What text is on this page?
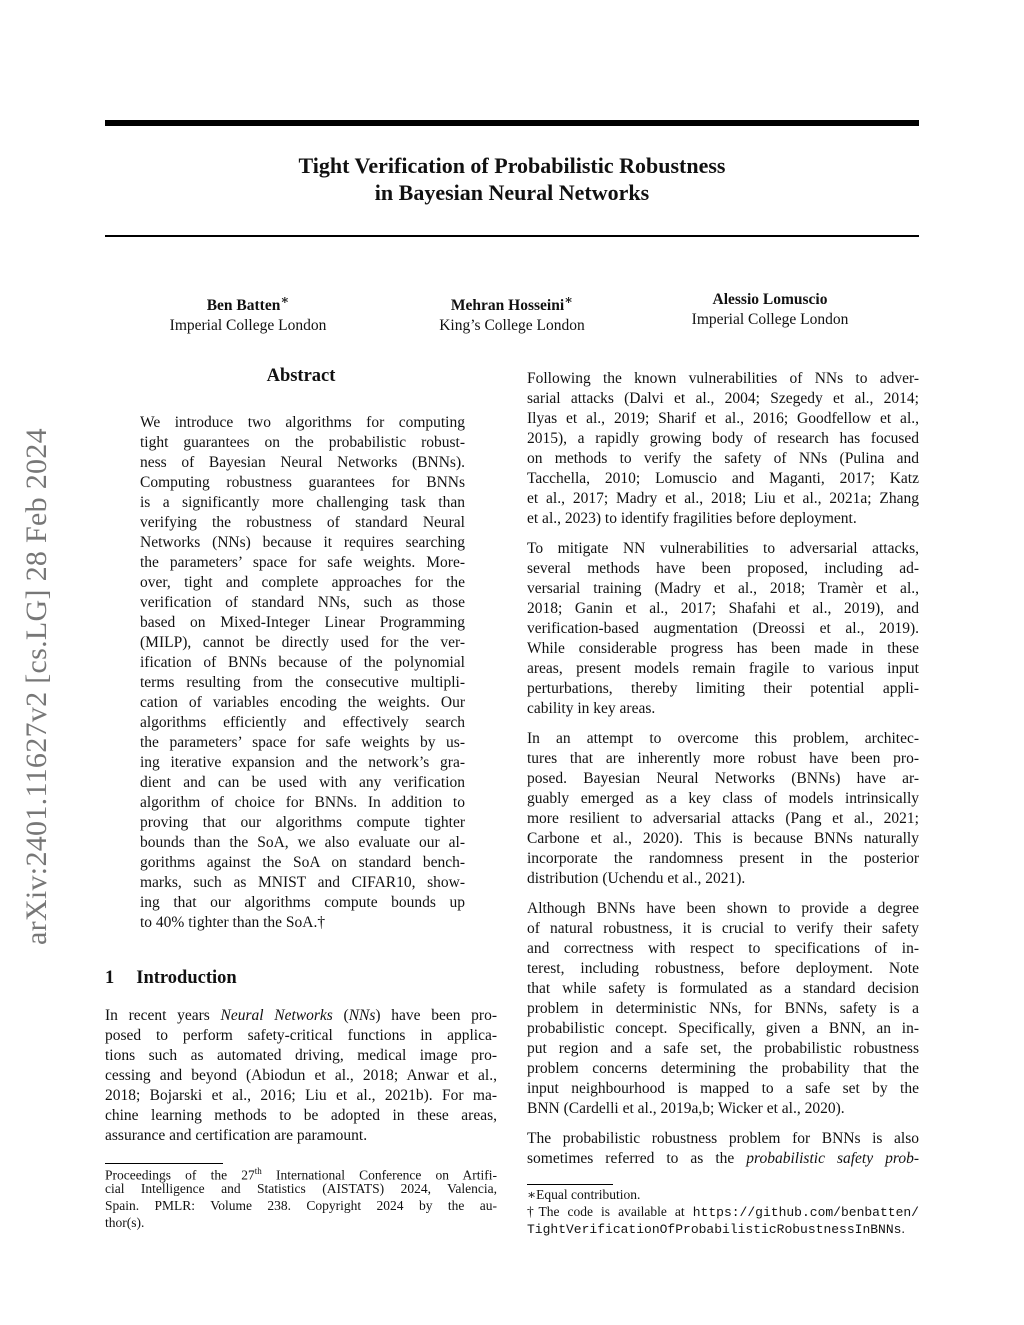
arXiv:2401.11627v2 [cs.LG] 28 Feb 2024
Tight Verification of Probabilistic Robustness
in Bayesian Neural Networks
Ben Batten∗
Imperial College London
Mehran Hosseini∗
King’s College London
Alessio Lomuscio
Imperial College London
Abstract
We introduce two algorithms for computing
tight guarantees on the probabilistic robust-
ness of Bayesian Neural Networks (BNNs).
Computing robustness guarantees for BNNs
is a significantly more challenging task than
verifying the robustness of standard Neural
Networks (NNs) because it requires searching
the parameters’ space for safe weights. More-
over, tight and complete approaches for the
verification of standard NNs, such as those
based on Mixed-Integer Linear Programming
(MILP), cannot be directly used for the ver-
ification of BNNs because of the polynomial
terms resulting from the consecutive multipli-
cation of variables encoding the weights. Our
algorithms efficiently and effectively search
the parameters’ space for safe weights by us-
ing iterative expansion and the network’s gra-
dient and can be used with any verification
algorithm of choice for BNNs. In addition to
proving that our algorithms compute tighter
bounds than the SoA, we also evaluate our al-
gorithms against the SoA on standard bench-
marks, such as MNIST and CIFAR10, show-
ing that our algorithms compute bounds up
to 40% tighter than the SoA.†
1 Introduction
In recent years Neural Networks (NNs) have been pro-
posed to perform safety-critical functions in applica-
tions such as automated driving, medical image pro-
cessing and beyond (Abiodun et al., 2018; Anwar et al.,
2018; Bojarski et al., 2016; Liu et al., 2021b). For ma-
chine learning methods to be adopted in these areas,
assurance and certification are paramount.
Proceedings of the 27th International Conference on Artifi-
cial Intelligence and Statistics (AISTATS) 2024, Valencia,
Spain. PMLR: Volume 238. Copyright 2024 by the au-
thor(s).
Following the known vulnerabilities of NNs to adver-
sarial attacks (Dalvi et al., 2004; Szegedy et al., 2014;
Ilyas et al., 2019; Sharif et al., 2016; Goodfellow et al.,
2015), a rapidly growing body of research has focused
on methods to verify the safety of NNs (Pulina and
Tacchella, 2010; Lomuscio and Maganti, 2017; Katz
et al., 2017; Madry et al., 2018; Liu et al., 2021a; Zhang
et al., 2023) to identify fragilities before deployment.
To mitigate NN vulnerabilities to adversarial attacks,
several methods have been proposed, including ad-
versarial training (Madry et al., 2018; Tramèr et al.,
2018; Ganin et al., 2017; Shafahi et al., 2019), and
verification-based augmentation (Dreossi et al., 2019).
While considerable progress has been made in these
areas, present models remain fragile to various input
perturbations, thereby limiting their potential appli-
cability in key areas.
In an attempt to overcome this problem, architec-
tures that are inherently more robust have been pro-
posed. Bayesian Neural Networks (BNNs) have ar-
guably emerged as a key class of models intrinsically
more resilient to adversarial attacks (Pang et al., 2021;
Carbone et al., 2020). This is because BNNs naturally
incorporate the randomness present in the posterior
distribution (Uchendu et al., 2021).
Although BNNs have been shown to provide a degree
of natural robustness, it is crucial to verify their safety
and correctness with respect to specifications of in-
terest, including robustness, before deployment. Note
that while safety is formulated as a standard decision
problem in deterministic NNs, for BNNs, safety is a
probabilistic concept. Specifically, given a BNN, an in-
put region and a safe set, the probabilistic robustness
problem concerns determining the probability that the
input neighbourhood is mapped to a safe set by the
BNN (Cardelli et al., 2019a,b; Wicker et al., 2020).
The probabilistic robustness problem for BNNs is also
sometimes referred to as the probabilistic safety prob-
∗Equal contribution.
†The code is available at https://github.com/benbatten/
TightVerificationOfProbabilisticRobustnessInBNNs.
